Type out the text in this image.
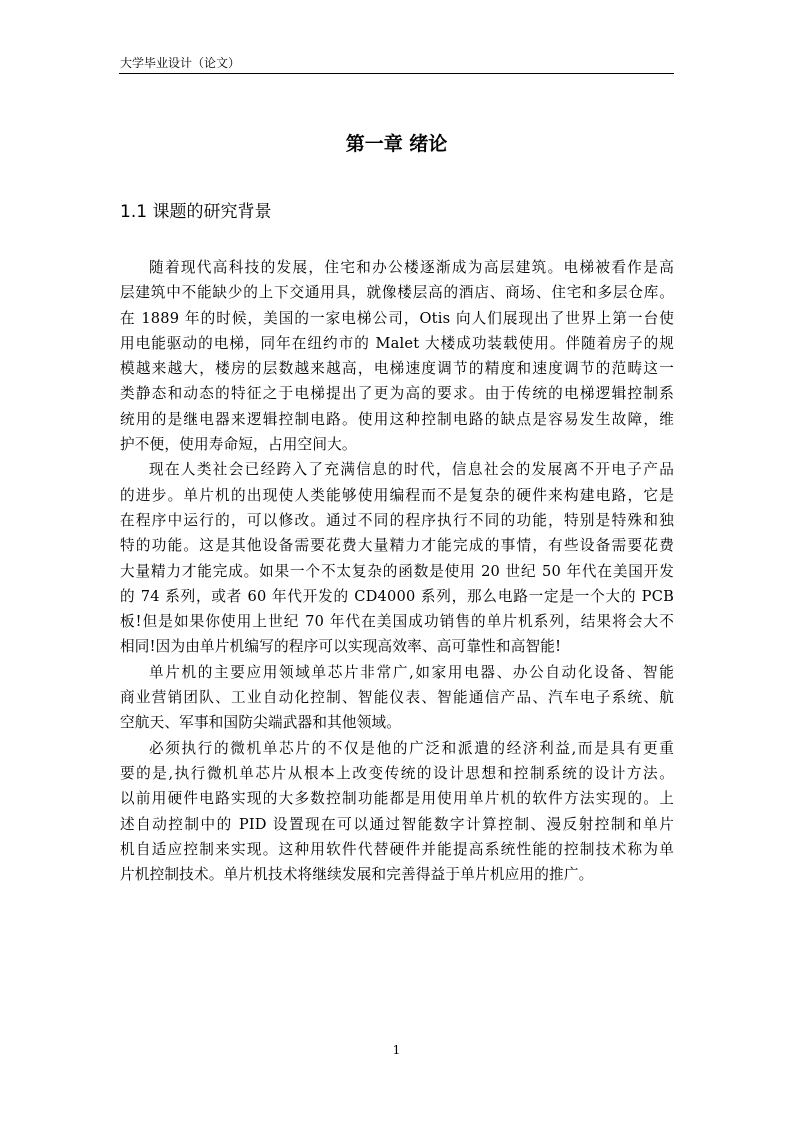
大学毕业设计（论文）
第一章 绪论
1.1 课题的研究背景
随着现代高科技的发展，住宅和办公楼逐渐成为高层建筑。电梯被看作是高
层建筑中不能缺少的上下交通用具，就像楼层高的酒店、商场、住宅和多层仓库。
在 1889 年的时候，美国的一家电梯公司，Otis 向人们展现出了世界上第一台使
用电能驱动的电梯，同年在纽约市的 Malet 大楼成功装载使用。伴随着房子的规
模越来越大，楼房的层数越来越高，电梯速度调节的精度和速度调节的范畴这一
类静态和动态的特征之于电梯提出了更为高的要求。由于传统的电梯逻辑控制系
统用的是继电器来逻辑控制电路。使用这种控制电路的缺点是容易发生故障，维
护不便，使用寿命短，占用空间大。
现在人类社会已经跨入了充满信息的时代，信息社会的发展离不开电子产品
的进步。单片机的出现使人类能够使用编程而不是复杂的硬件来构建电路，它是
在程序中运行的，可以修改。通过不同的程序执行不同的功能，特别是特殊和独
特的功能。这是其他设备需要花费大量精力才能完成的事情，有些设备需要花费
大量精力才能完成。如果一个不太复杂的函数是使用 20 世纪 50 年代在美国开发
的 74 系列，或者 60 年代开发的 CD4000 系列，那么电路一定是一个大的 PCB
板!但是如果你使用上世纪 70 年代在美国成功销售的单片机系列，结果将会大不
相同!因为由单片机编写的程序可以实现高效率、高可靠性和高智能!
单片机的主要应用领域单芯片非常广,如家用电器、办公自动化设备、智能
商业营销团队、工业自动化控制、智能仪表、智能通信产品、汽车电子系统、航
空航天、军事和国防尖端武器和其他领域。
必须执行的微机单芯片的不仅是他的广泛和派遣的经济利益,而是具有更重
要的是,执行微机单芯片从根本上改变传统的设计思想和控制系统的设计方法。
以前用硬件电路实现的大多数控制功能都是用使用单片机的软件方法实现的。上
述自动控制中的 PID 设置现在可以通过智能数字计算控制、漫反射控制和单片
机自适应控制来实现。这种用软件代替硬件并能提高系统性能的控制技术称为单
片机控制技术。单片机技术将继续发展和完善得益于单片机应用的推广。
1
